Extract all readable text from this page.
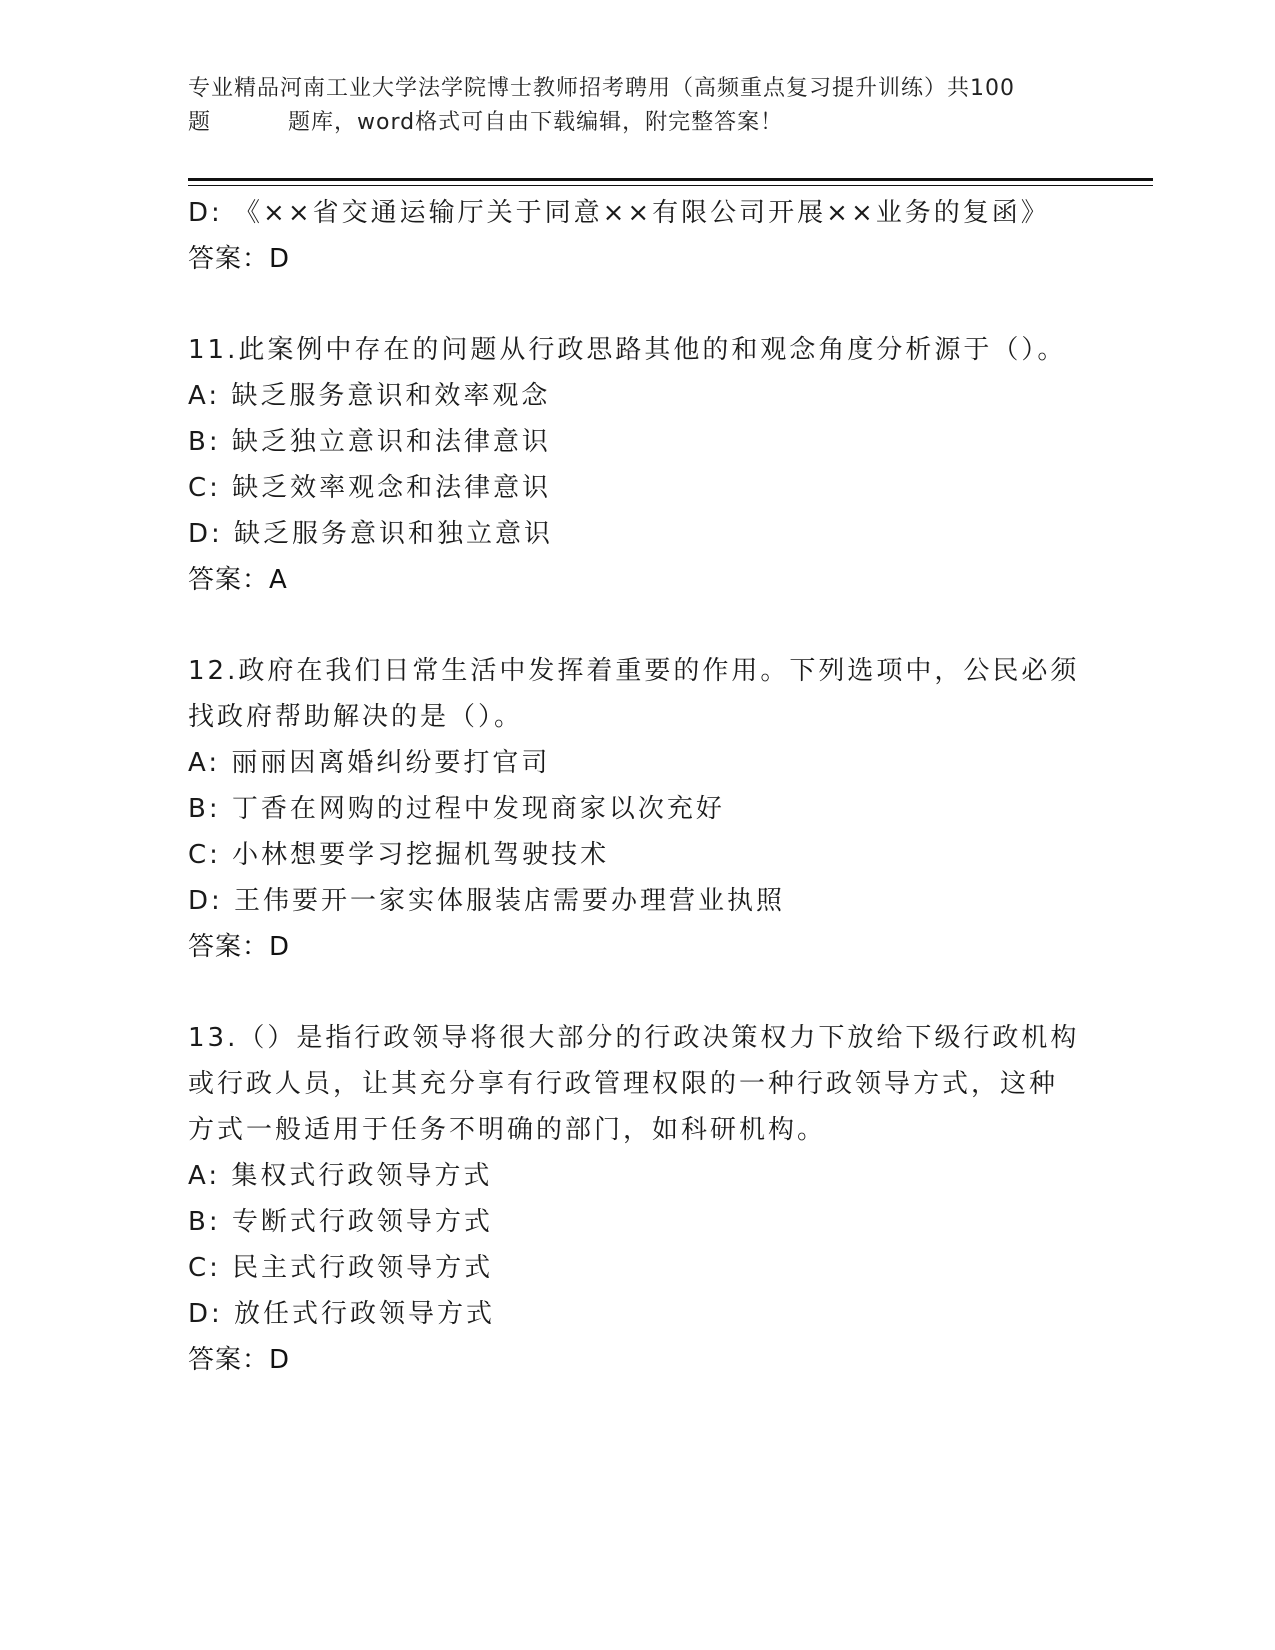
专业精品河南工业大学法学院博士教师招考聘用（高频重点复习提升训练）共100
题	题库，word格式可自由下载编辑，附完整答案！
D: 《××省交通运输厅关于同意××有限公司开展××业务的复函》
答案：D
11.此案例中存在的问题从行政思路其他的和观念角度分析源于（）。
A: 缺乏服务意识和效率观念
B: 缺乏独立意识和法律意识
C: 缺乏效率观念和法律意识
D: 缺乏服务意识和独立意识
答案：A
12.政府在我们日常生活中发挥着重要的作用。下列选项中，公民必须
找政府帮助解决的是（）。
A: 丽丽因离婚纠纷要打官司
B: 丁香在网购的过程中发现商家以次充好
C: 小林想要学习挖掘机驾驶技术
D: 王伟要开一家实体服装店需要办理营业执照
答案：D
13.（）是指行政领导将很大部分的行政决策权力下放给下级行政机构
或行政人员，让其充分享有行政管理权限的一种行政领导方式，这种
方式一般适用于任务不明确的部门，如科研机构。
A: 集权式行政领导方式
B: 专断式行政领导方式
C: 民主式行政领导方式
D: 放任式行政领导方式
答案：D
